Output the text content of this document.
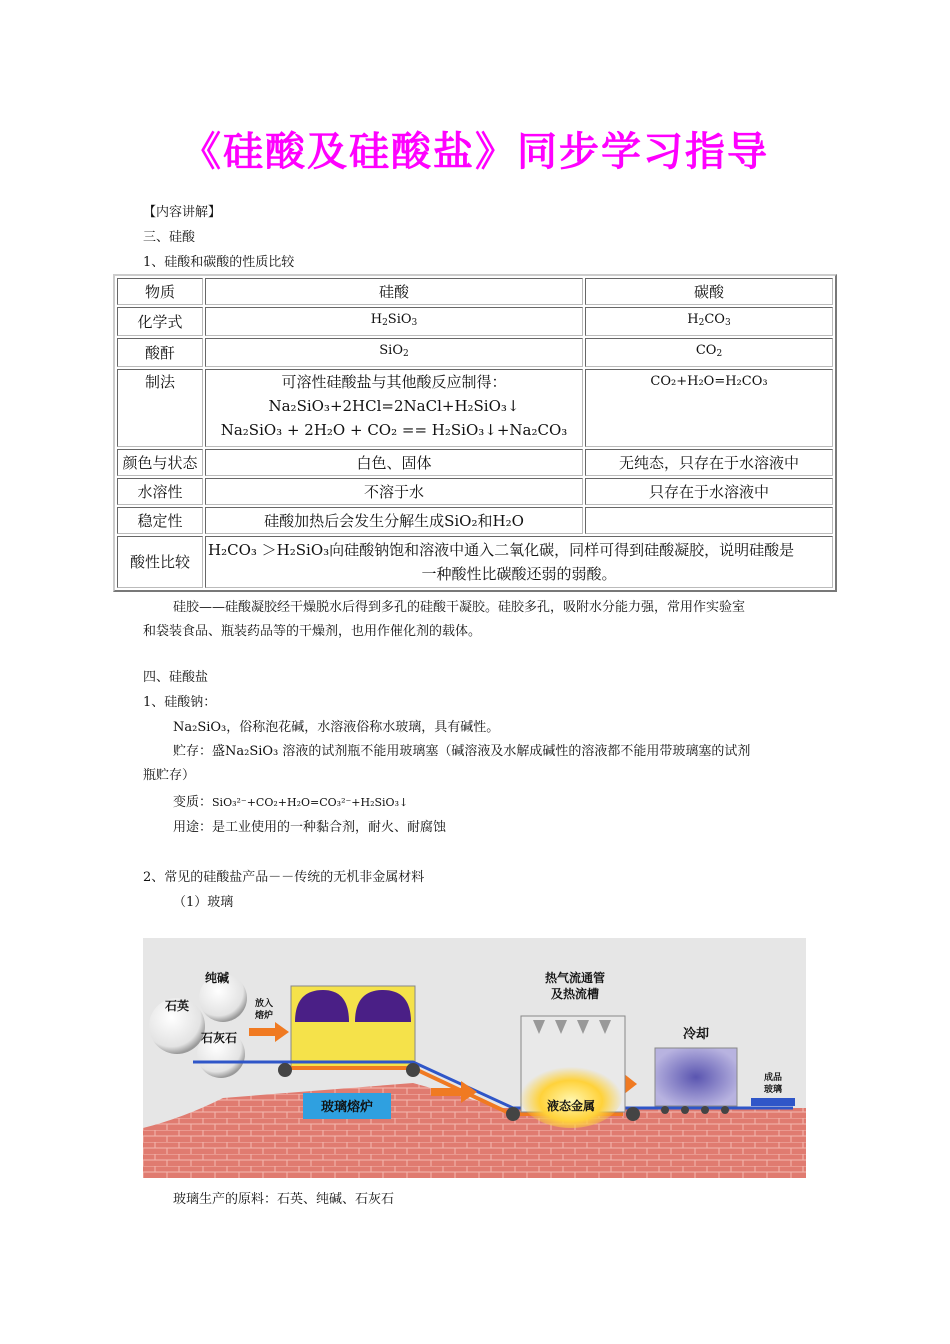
《硅酸及硅酸盐》同步学习指导
【内容讲解】
三、硅酸
1、硅酸和碳酸的性质比较
物质	硅酸	碳酸
化学式	$H_2SiO_3$	$H_2CO_3$
酸酐	SiO$_2$	$CO_2$
制法	可溶性硅酸盐与其他酸反应制得：
Na₂SiO₃+2HCl=2NaCl+H₂SiO₃↓
Na₂SiO₃ + 2H₂O + CO₂ == H₂SiO₃↓+Na₂CO₃	CO₂+H₂O=H₂CO₃
颜色与状态	白色、固体	无纯态，只存在于水溶液中
水溶性	不溶于水	只存在于水溶液中
稳定性	硅酸加热后会发生分解生成SiO₂和H₂O	
酸性比较	H₂CO₃ ＞H₂SiO₃向硅酸钠饱和溶液中通入二氧化碳，同样可得到硅酸凝胶，说明硅酸是
一种酸性比碳酸还弱的弱酸。	
硅胶——硅酸凝胶经干燥脱水后得到多孔的硅酸干凝胶。硅胶多孔，吸附水分能力强，常用作实验室
和袋装食品、瓶装药品等的干燥剂，也用作催化剂的载体。
四、硅酸盐
1、硅酸钠：
Na₂SiO₃，俗称泡花碱，水溶液俗称水玻璃，具有碱性。
贮存：盛Na₂SiO₃ 溶液的试剂瓶不能用玻璃塞（碱溶液及水解成碱性的溶液都不能用带玻璃塞的试剂
瓶贮存）
变质：SiO₃²⁻+CO₂+H₂O=CO₃²⁻+H₂SiO₃↓
用途：是工业使用的一种黏合剂，耐火、耐腐蚀
2、常见的硅酸盐产品－－传统的无机非金属材料
（1）玻璃
石英
纯碱
石灰石
放入
熔炉
玻璃熔炉	液态金属
热气流通管
及热流槽
冷却
成品
玻璃
玻璃生产的原料：石英、纯碱、石灰石
